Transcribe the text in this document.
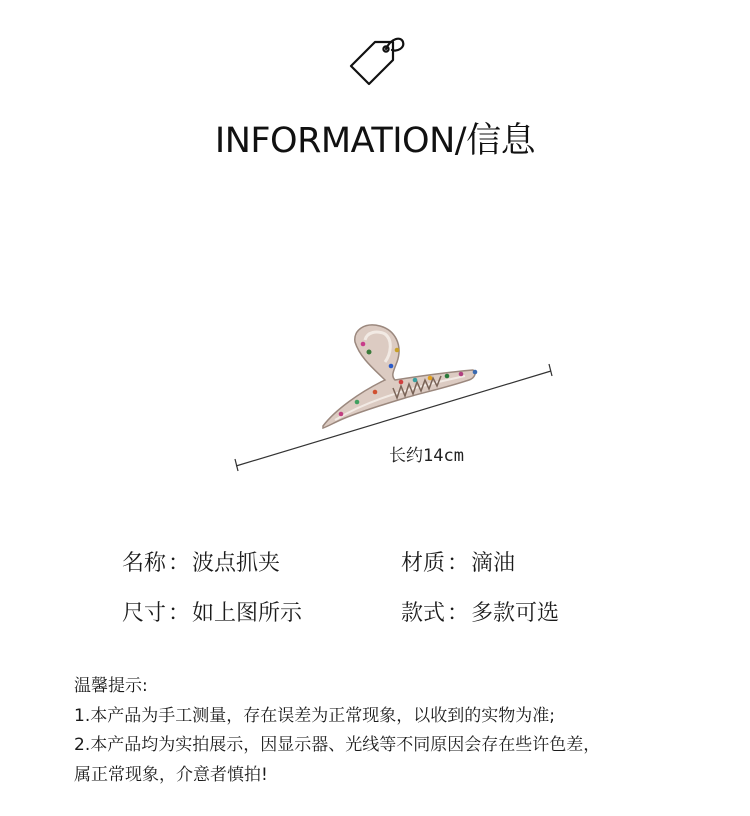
INFORMATION/信息
长约14cm
名称：波点抓夹	材质：滴油
尺寸：如上图所示	款式：多款可选
温馨提示:
1.本产品为手工测量，存在误差为正常现象，以收到的实物为准;
2.本产品均为实拍展示，因显示器、光线等不同原因会存在些许色差，
属正常现象，介意者慎拍!
